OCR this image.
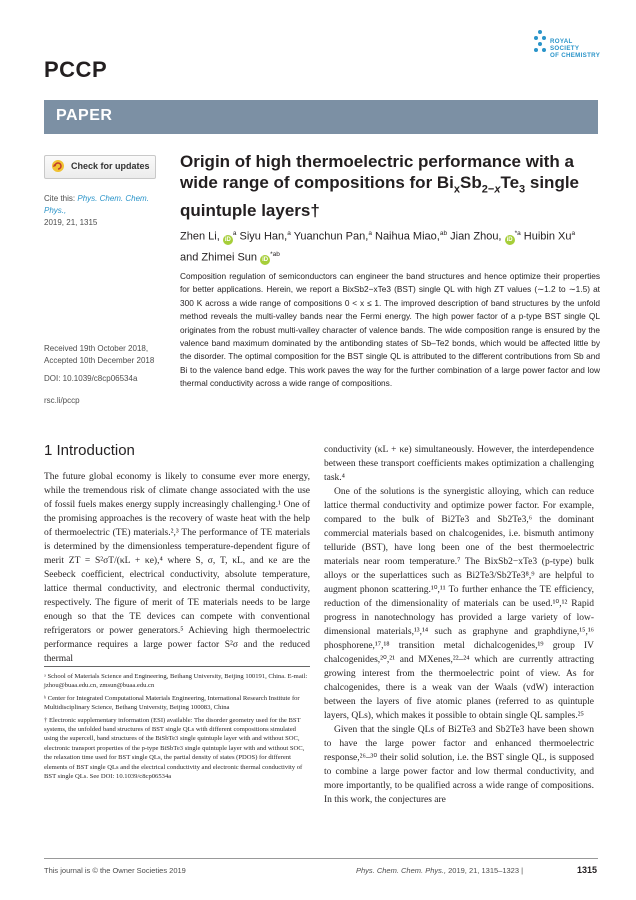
PCCP
ROYAL SOCIETY
OF CHEMISTRY
PAPER
Check for updates
Cite this: Phys. Chem. Chem. Phys.,
2019, 21, 1315
Received 19th October 2018,
Accepted 10th December 2018
DOI: 10.1039/c8cp06534a
rsc.li/pccp
Origin of high thermoelectric performance with a
wide range of compositions for $Bi_xSb_{2-x}Te_3$ single
quintuple layers†
Zhen Li, $iD^a$ Siyu Han,$^a$ Yuanchun Pan,$^a$ Naihua Miao,$^{ab}$ Jian Zhou, $iD^{*a}$ Huibin Xu$^a$
and Zhimei Sun $iD^{*ab}$
Composition regulation of semiconductors can engineer the band structures and hence optimize their properties for better applications. Herein, we report a BixSb2−xTe3 (BST) single QL with high ZT values (∼1.2 to ∼1.5) at 300 K across a wide range of compositions 0 < x ≤ 1. The improved description of band structures by the unfold method reveals the multi-valley bands near the Fermi energy. The high power factor of a p-type BST single QL originates from the robust multi-valley character of valence bands. The wide composition range is ensured by the valence band maximum dominated by the antibonding states of Sb–Te2 bonds, which would be affected little by the disorder. The optimal composition for the BST single QL is attributed to the different contributions from Sb and Bi to the valence band edge. This work paves the way for the further combination of a large power factor and low thermal conductivity across a wide range of compositions.
1 Introduction

The future global economy is likely to consume ever more energy, while the tremendous risk of climate change associated with the use of fossil fuels makes energy supply increasingly challenging.¹ One of the promising approaches is the recovery of waste heat with the help of thermoelectric (TE) materials.²,³ The performance of TE materials is determined by the dimensionless temperature-dependent figure of merit ZT = S²σT/(κL + κe),⁴ where S, σ, T, κL, and κe are the Seebeck coefficient, electrical conductivity, absolute temperature, lattice thermal conductivity, and electronic thermal conductivity, respectively. The figure of merit of TE materials needs to be large enough so that the TE devices can compete with conventional refrigerators or power generators.⁵ Achieving high thermoelectric performance requires a large power factor S²σ and the reduced thermal

ᵃ School of Materials Science and Engineering, Beihang University, Beijing 100191, China. E-mail: jzhou@buaa.edu.cn, zmsun@buaa.edu.cn

ᵇ Center for Integrated Computational Materials Engineering, International Research Institute for Multidisciplinary Science, Beihang University, Beijing 100083, China

† Electronic supplementary information (ESI) available: The disorder geometry used for the BST systems, the unfolded band structures of BST single QLs with different compositions simulated using the supercell, band structures of the BiSbTe3 single quintuple layer with and without SOC, electronic transport properties of the p-type BiSbTe3 single quintuple layer with and without SOC, the relaxation time used for BST single QLs, the partial density of states (PDOS) for different elements of BST single QLs and the electrical conductivity and electronic thermal conductivity of BST single QLs. See DOI: 10.1039/c8cp06534a

conductivity (κL + κe) simultaneously. However, the interdependence between these transport coefficients makes optimization a challenging task.⁴

One of the solutions is the synergistic alloying, which can reduce lattice thermal conductivity and optimize power factor. For example, compared to the bulk of Bi2Te3 and Sb2Te3,⁶ the dominant commercial materials based on chalcogenides, i.e. bismuth antimony telluride (BST), have long been one of the best thermoelectric materials near room temperature.⁷ The BixSb2−xTe3 (p-type) bulk alloys or the superlattices such as Bi2Te3/Sb2Te3⁸,⁹ are helpful to augment phonon scattering.¹⁰,¹¹ To further enhance the TE efficiency, reduction of the dimensionality of materials can be used.¹⁰,¹² Rapid progress in nanotechnology has provided a large variety of low-dimensional materials,¹³,¹⁴ such as graphyne and graphdiyne,¹⁵,¹⁶ phosphorene,¹⁷,¹⁸ transition metal dichalcogenides,¹⁹ group IV chalcogenides,²⁰,²¹ and MXenes,²²–²⁴ which are currently attracting growing interest from the thermoelectric point of view. As for chalcogenides, there is a weak van der Waals (vdW) interaction between the layers of five atomic planes (referred to as quintuple layers, QLs), which makes it possible to obtain single QL samples.²⁵

Given that the single QLs of Bi2Te3 and Sb2Te3 have been shown to have the large power factor and enhanced thermoelectric response,²⁶–³⁰ their solid solution, i.e. the BST single QL, is supposed to combine a large power factor and low thermal conductivity, and more importantly, to be qualified across a wide range of compositions. In this work, the conjectures are

This journal is © the Owner Societies 2019	Phys. Chem. Chem. Phys., 2019, 21, 1315–1323 |	1315
